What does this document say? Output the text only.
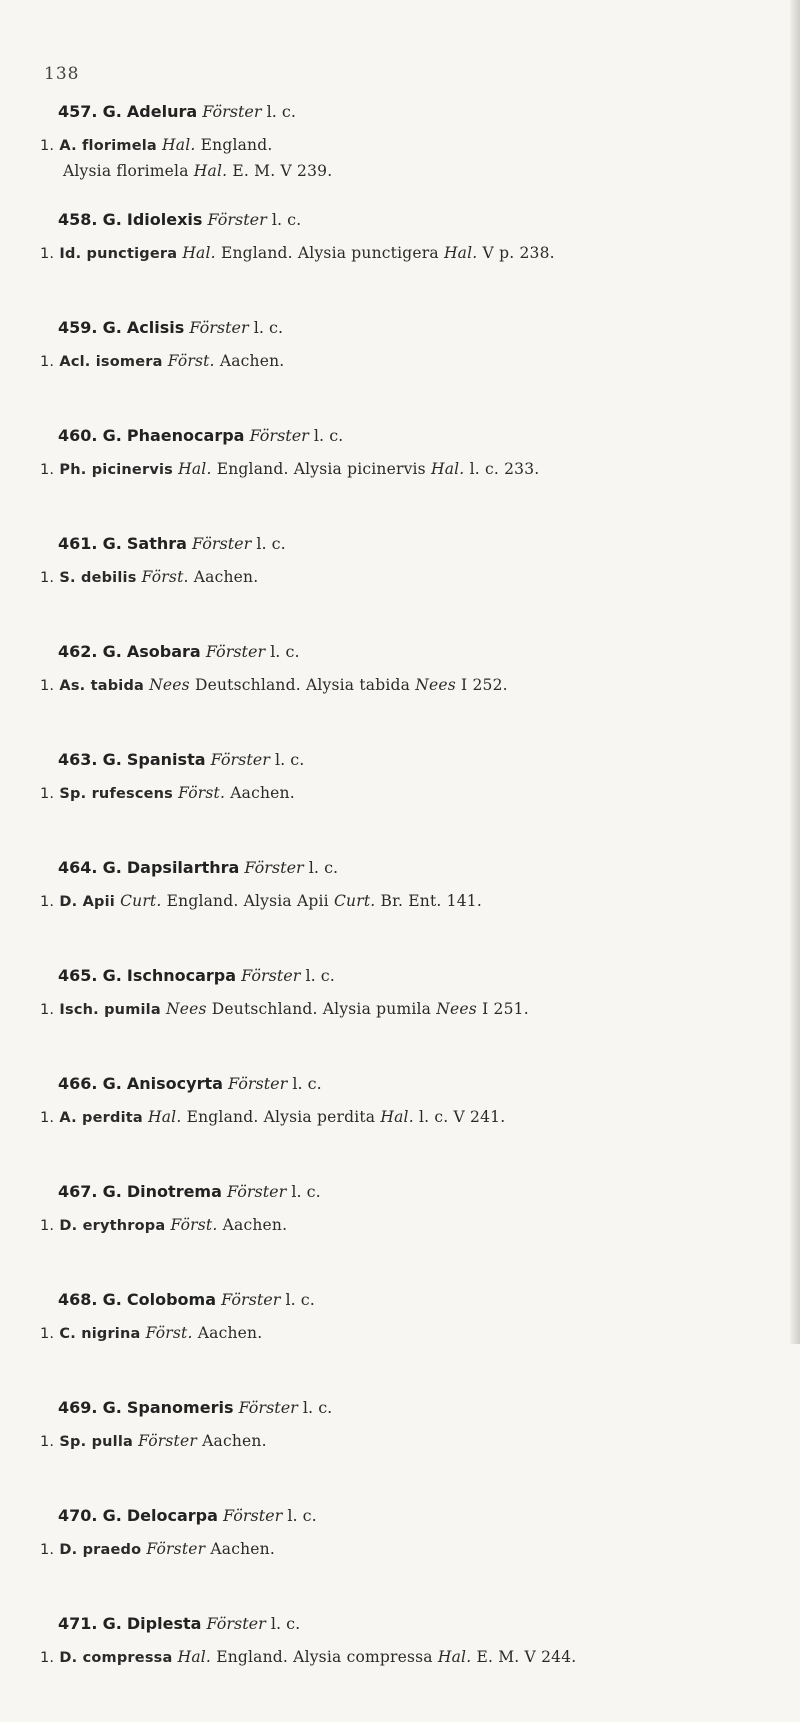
138
457. G. Adelura Förster l. c.
1. A. florimela Hal. England.
Alysia florimela Hal. E. M. V 239.
458. G. Idiolexis Förster l. c.
1. Id. punctigera Hal. England. Alysia punctigera Hal. V p. 238.
459. G. Aclisis Förster l. c.
1. Acl. isomera Först. Aachen.
460. G. Phaenocarpa Förster l. c.
1. Ph. picinervis Hal. England. Alysia picinervis Hal. l. c. 233.
461. G. Sathra Förster l. c.
1. S. debilis Först. Aachen.
462. G. Asobara Förster l. c.
1. As. tabida Nees Deutschland. Alysia tabida Nees I 252.
463. G. Spanista Förster l. c.
1. Sp. rufescens Först. Aachen.
464. G. Dapsilarthra Förster l. c.
1. D. Apii Curt. England. Alysia Apii Curt. Br. Ent. 141.
465. G. Ischnocarpa Förster l. c.
1. Isch. pumila Nees Deutschland. Alysia pumila Nees I 251.
466. G. Anisocyrta Förster l. c.
1. A. perdita Hal. England. Alysia perdita Hal. l. c. V 241.
467. G. Dinotrema Förster l. c.
1. D. erythropa Först. Aachen.
468. G. Coloboma Förster l. c.
1. C. nigrina Först. Aachen.
469. G. Spanomeris Förster l. c.
1. Sp. pulla Förster Aachen.
470. G. Delocarpa Förster l. c.
1. D. praedo Förster Aachen.
471. G. Diplesta Förster l. c.
1. D. compressa Hal. England. Alysia compressa Hal. E. M. V 244.
